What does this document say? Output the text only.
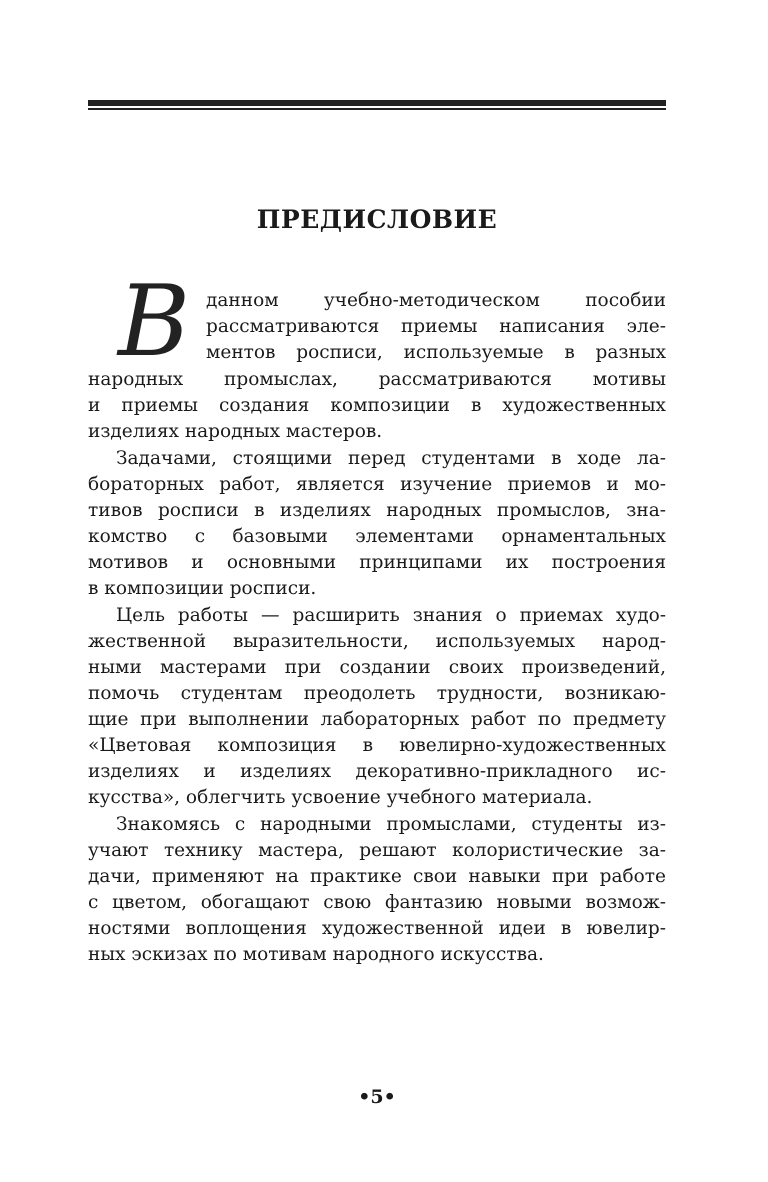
ПРЕДИСЛОВИЕ
В данном учебно-методическом пособии
рассматриваются приемы написания эле-
ментов росписи, используемые в разных
народных промыслах, рассматриваются мотивы
и приемы создания композиции в художественных
изделиях народных мастеров.
Задачами, стоящими перед студентами в ходе ла-
бораторных работ, является изучение приемов и мо-
тивов росписи в изделиях народных промыслов, зна-
комство с базовыми элементами орнаментальных
мотивов и основными принципами их построения
в композиции росписи.
Цель работы — расширить знания о приемах худо-
жественной выразительности, используемых народ-
ными мастерами при создании своих произведений,
помочь студентам преодолеть трудности, возникаю-
щие при выполнении лабораторных работ по предмету
«Цветовая композиция в ювелирно-художественных
изделиях и изделиях декоративно-прикладного ис-
кусства», облегчить усвоение учебного материала.
Знакомясь с народными промыслами, студенты из-
учают технику мастера, решают колористические за-
дачи, применяют на практике свои навыки при работе
с цветом, обогащают свою фантазию новыми возмож-
ностями воплощения художественной идеи в ювелир-
ных эскизах по мотивам народного искусства.
•5•
